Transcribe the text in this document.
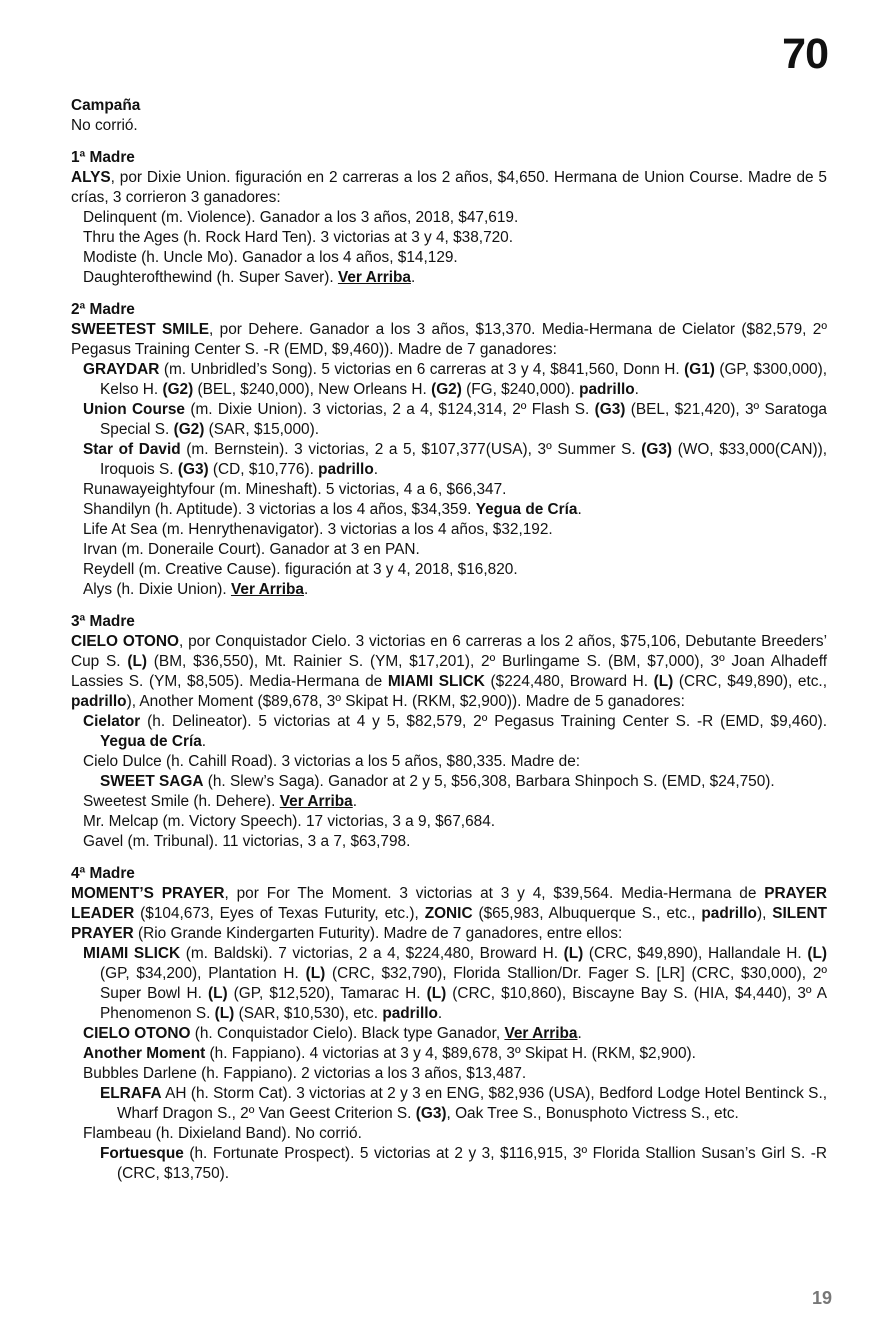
70
Campaña
No corrió.
1ª Madre
ALYS, por Dixie Union. figuración en 2 carreras a los 2 años, $4,650. Hermana de Union Course. Madre de 5 crías, 3 corrieron 3 ganadores:
Delinquent (m. Violence). Ganador a los 3 años, 2018, $47,619.
Thru the Ages (h. Rock Hard Ten). 3 victorias at 3 y 4, $38,720.
Modiste (h. Uncle Mo). Ganador a los 4 años, $14,129.
Daughterofthewind (h. Super Saver). Ver Arriba.
2ª Madre
SWEETEST SMILE, por Dehere. Ganador a los 3 años, $13,370. Media-Hermana de Cielator ($82,579, 2º Pegasus Training Center S. -R (EMD, $9,460)). Madre de 7 ganadores:
GRAYDAR (m. Unbridled’s Song). 5 victorias en 6 carreras at 3 y 4, $841,560, Donn H. (G1) (GP, $300,000), Kelso H. (G2) (BEL, $240,000), New Orleans H. (G2) (FG, $240,000). padrillo.
Union Course (m. Dixie Union). 3 victorias, 2 a 4, $124,314, 2º Flash S. (G3) (BEL, $21,420), 3º Saratoga Special S. (G2) (SAR, $15,000).
Star of David (m. Bernstein). 3 victorias, 2 a 5, $107,377(USA), 3º Summer S. (G3) (WO, $33,000(CAN)), Iroquois S. (G3) (CD, $10,776). padrillo.
Runawayeightyfour (m. Mineshaft). 5 victorias, 4 a 6, $66,347.
Shandilyn (h. Aptitude). 3 victorias a los 4 años, $34,359. Yegua de Cría.
Life At Sea (m. Henrythenavigator). 3 victorias a los 4 años, $32,192.
Irvan (m. Doneraile Court). Ganador at 3 en PAN.
Reydell (m. Creative Cause). figuración at 3 y 4, 2018, $16,820.
Alys (h. Dixie Union). Ver Arriba.
3ª Madre
CIELO OTONO, por Conquistador Cielo. 3 victorias en 6 carreras a los 2 años, $75,106, Debutante Breeders’ Cup S. (L) (BM, $36,550), Mt. Rainier S. (YM, $17,201), 2º Burlingame S. (BM, $7,000), 3º Joan Alhadeff Lassies S. (YM, $8,505). Media-Hermana de MIAMI SLICK ($224,480, Broward H. (L) (CRC, $49,890), etc., padrillo), Another Moment ($89,678, 3º Skipat H. (RKM, $2,900)). Madre de 5 ganadores:
Cielator (h. Delineator). 5 victorias at 4 y 5, $82,579, 2º Pegasus Training Center S. -R (EMD, $9,460). Yegua de Cría.
Cielo Dulce (h. Cahill Road). 3 victorias a los 5 años, $80,335. Madre de:
SWEET SAGA (h. Slew’s Saga). Ganador at 2 y 5, $56,308, Barbara Shinpoch S. (EMD, $24,750).
Sweetest Smile (h. Dehere). Ver Arriba.
Mr. Melcap (m. Victory Speech). 17 victorias, 3 a 9, $67,684.
Gavel (m. Tribunal). 11 victorias, 3 a 7, $63,798.
4ª Madre
MOMENT’S PRAYER, por For The Moment. 3 victorias at 3 y 4, $39,564. Media-Hermana de PRAYER LEADER ($104,673, Eyes of Texas Futurity, etc.), ZONIC ($65,983, Albuquerque S., etc., padrillo), SILENT PRAYER (Rio Grande Kindergarten Futurity). Madre de 7 ganadores, entre ellos:
MIAMI SLICK (m. Baldski). 7 victorias, 2 a 4, $224,480, Broward H. (L) (CRC, $49,890), Hallandale H. (L) (GP, $34,200), Plantation H. (L) (CRC, $32,790), Florida Stallion/Dr. Fager S. [LR] (CRC, $30,000), 2º Super Bowl H. (L) (GP, $12,520), Tamarac H. (L) (CRC, $10,860), Biscayne Bay S. (HIA, $4,440), 3º A Phenomenon S. (L) (SAR, $10,530), etc. padrillo.
CIELO OTONO (h. Conquistador Cielo). Black type Ganador, Ver Arriba.
Another Moment (h. Fappiano). 4 victorias at 3 y 4, $89,678, 3º Skipat H. (RKM, $2,900).
Bubbles Darlene (h. Fappiano). 2 victorias a los 3 años, $13,487.
ELRAFA AH (h. Storm Cat). 3 victorias at 2 y 3 en ENG, $82,936 (USA), Bedford Lodge Hotel Bentinck S., Wharf Dragon S., 2º Van Geest Criterion S. (G3), Oak Tree S., Bonusphoto Victress S., etc.
Flambeau (h. Dixieland Band). No corrió.
Fortuesque (h. Fortunate Prospect). 5 victorias at 2 y 3, $116,915, 3º Florida Stallion Susan’s Girl S. -R (CRC, $13,750).
19
